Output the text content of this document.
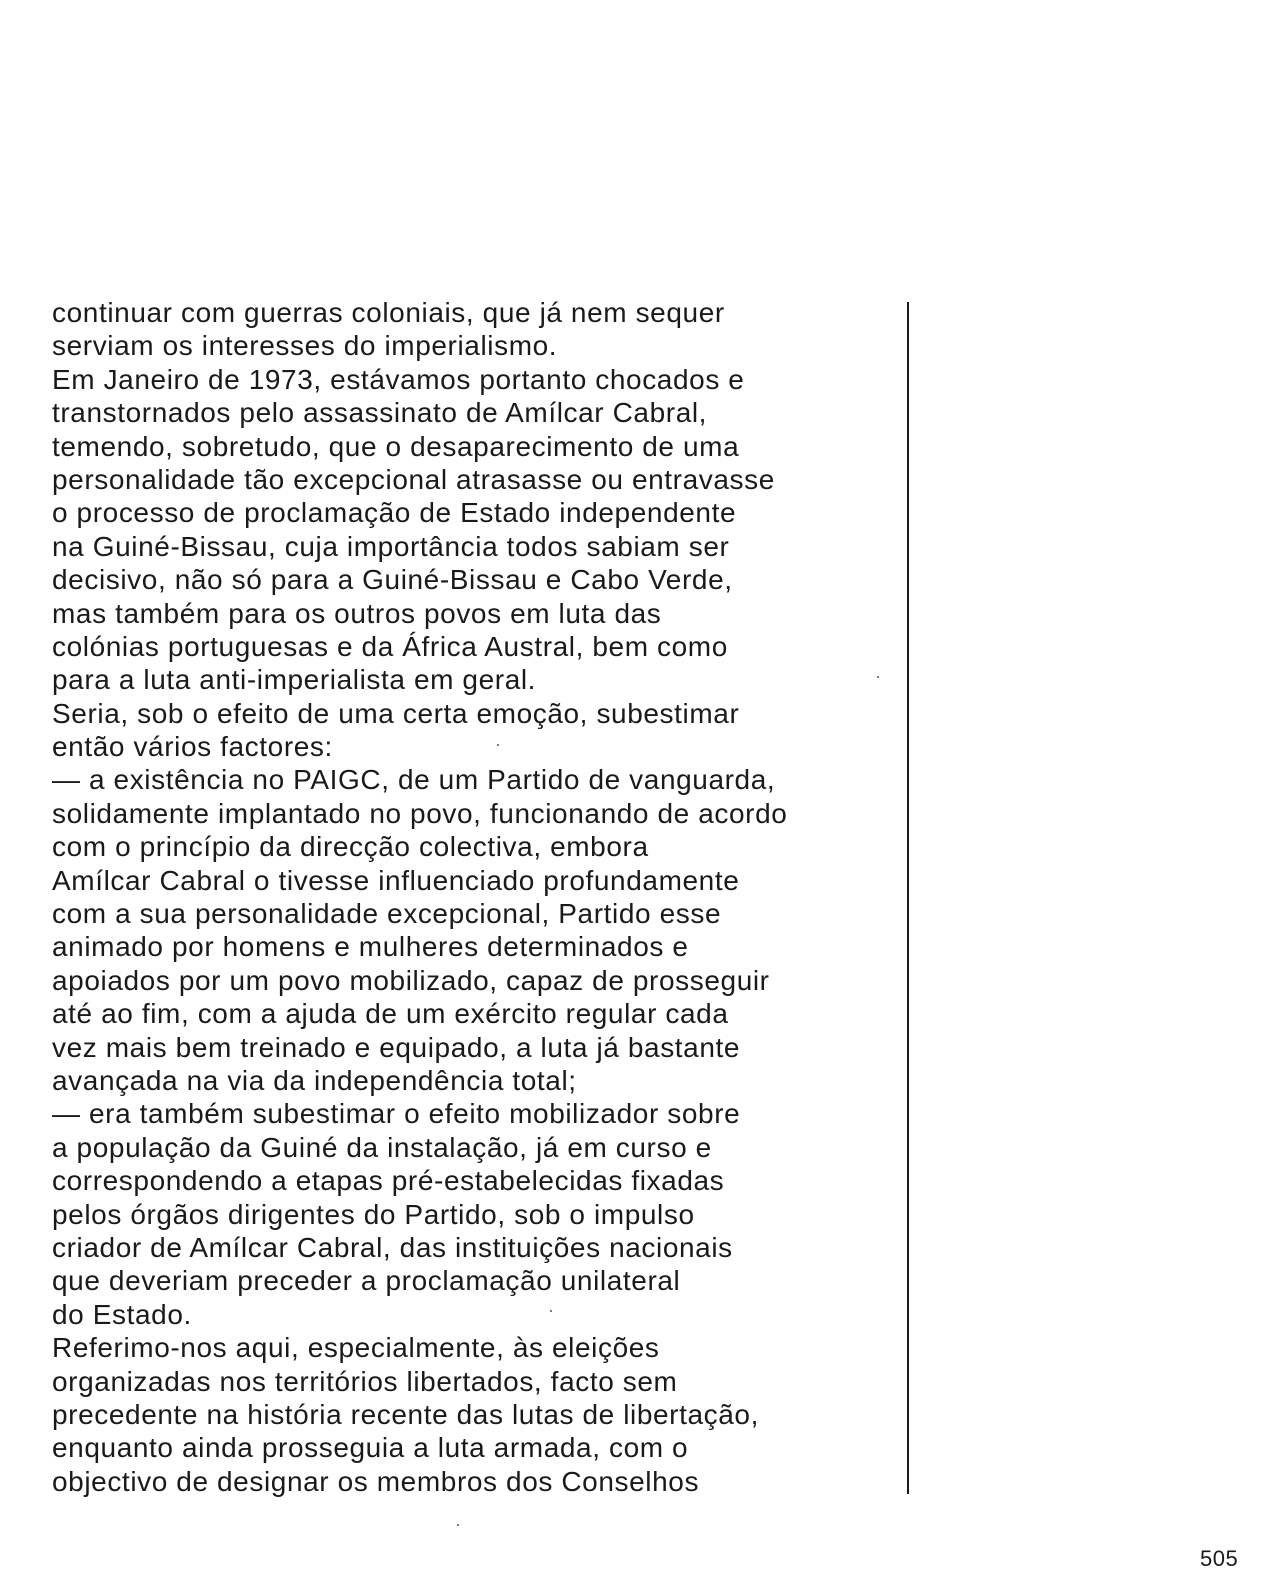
continuar com guerras coloniais, que já nem sequer
serviam os interesses do imperialismo.
Em Janeiro de 1973, estávamos portanto chocados e
transtornados pelo assassinato de Amílcar Cabral,
temendo, sobretudo, que o desaparecimento de uma
personalidade tão excepcional atrasasse ou entravasse
o processo de proclamação de Estado independente
na Guiné-Bissau, cuja importância todos sabiam ser
decisivo, não só para a Guiné-Bissau e Cabo Verde,
mas também para os outros povos em luta das
colónias portuguesas e da África Austral, bem como
para a luta anti-imperialista em geral.
Seria, sob o efeito de uma certa emoção, subestimar
então vários factores:
— a existência no PAIGC, de um Partido de vanguarda,
solidamente implantado no povo, funcionando de acordo
com o princípio da direcção colectiva, embora
Amílcar Cabral o tivesse influenciado profundamente
com a sua personalidade excepcional, Partido esse
animado por homens e mulheres determinados e
apoiados por um povo mobilizado, capaz de prosseguir
até ao fim, com a ajuda de um exército regular cada
vez mais bem treinado e equipado, a luta já bastante
avançada na via da independência total;
— era também subestimar o efeito mobilizador sobre
a população da Guiné da instalação, já em curso e
correspondendo a etapas pré-estabelecidas fixadas
pelos órgãos dirigentes do Partido, sob o impulso
criador de Amílcar Cabral, das instituições nacionais
que deveriam preceder a proclamação unilateral
do Estado.
Referimo-nos aqui, especialmente, às eleições
organizadas nos territórios libertados, facto sem
precedente na história recente das lutas de libertação,
enquanto ainda prosseguia a luta armada, com o
objectivo de designar os membros dos Conselhos
505
